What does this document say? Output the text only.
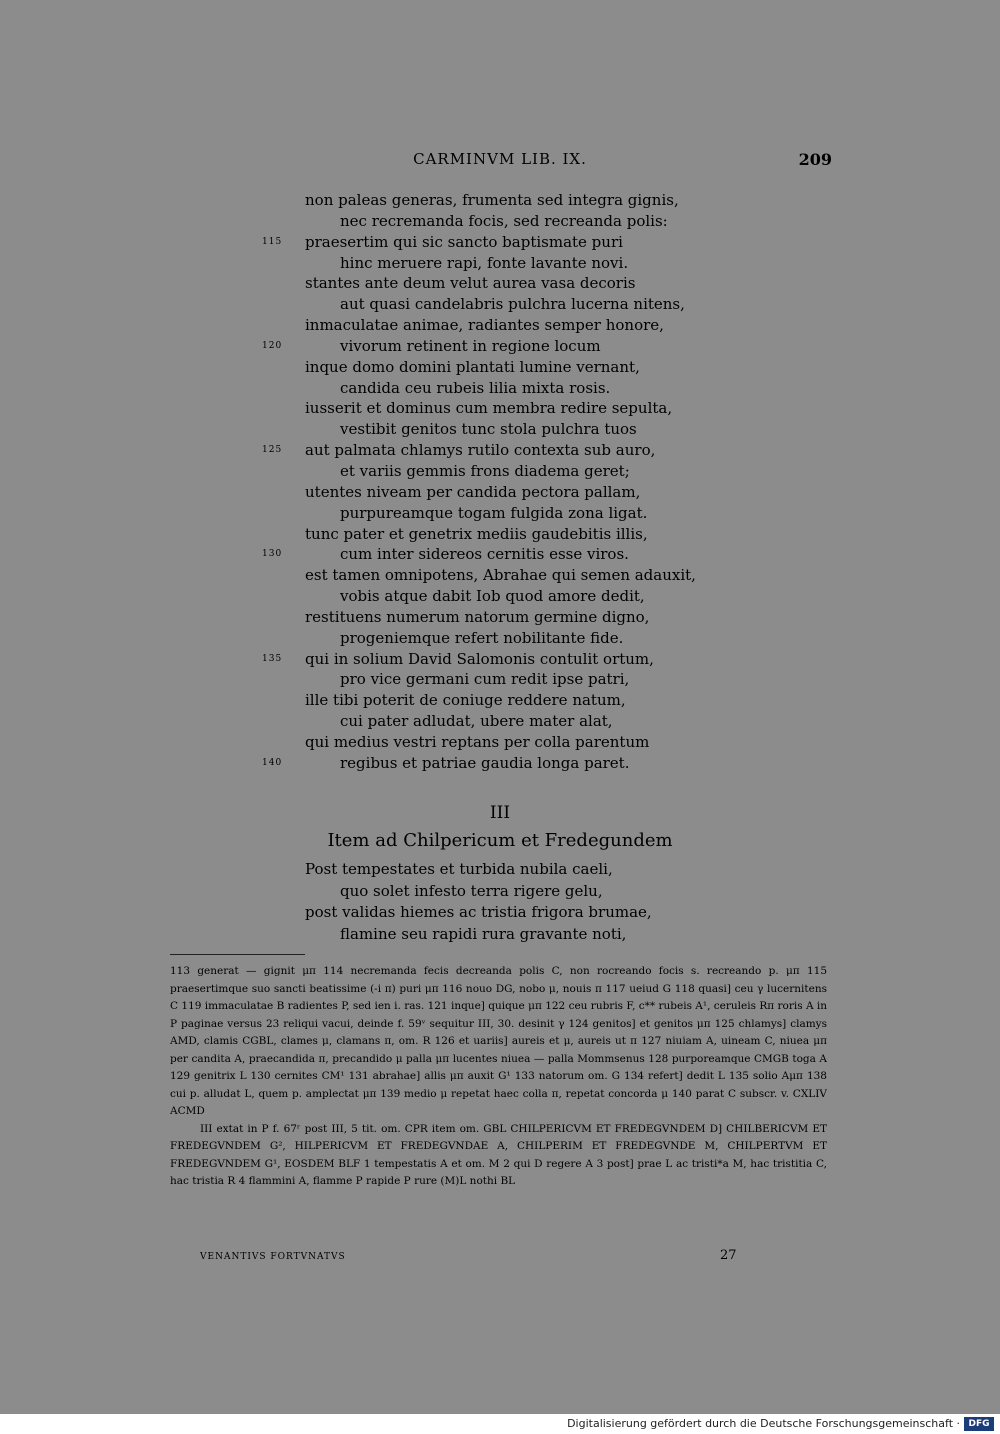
CARMINVM LIB. IX.	209
non paleas generas, frumenta sed integra gignis,
nec recremanda focis, sed recreanda polis:
115 praesertim qui sic sancto baptismate puri
hinc meruere rapi, fonte lavante novi.
stantes ante deum velut aurea vasa decoris
aut quasi candelabris pulchra lucerna nitens,
inmaculatae animae, radiantes semper honore,
120	vivorum retinent in regione locum
inque domo domini plantati lumine vernant,
candida ceu rubeis lilia mixta rosis.
iusserit et dominus cum membra redire sepulta,
vestibit genitos tunc stola pulchra tuos
125 aut palmata chlamys rutilo contexta sub auro,
et variis gemmis frons diadema geret;
utentes niveam per candida pectora pallam,
purpureamque togam fulgida zona ligat.
tunc pater et genetrix mediis gaudebitis illis,
130	cum inter sidereos cernitis esse viros.
est tamen omnipotens, Abrahae qui semen adauxit,
vobis atque dabit Iob quod amore dedit,
restituens numerum natorum germine digno,
progeniemque refert nobilitante fide.
135 qui in solium David Salomonis contulit ortum,
pro vice germani cum redit ipse patri,
ille tibi poterit de coniuge reddere natum,
cui pater adludat, ubere mater alat,
qui medius vestri reptans per colla parentum
140	regibus et patriae gaudia longa paret.
III
Item ad Chilpericum et Fredegundem
Post tempestates et turbida nubila caeli,
quo solet infesto terra rigere gelu,
post validas hiemes ac tristia frigora brumae,
flamine seu rapidi rura gravante noti,

113 generat — gignit μπ 114 necremanda fecis decreanda polis C, non rocreando focis s. recreando p. μπ 115 praesertimque suo sancti beatissime (-i π) puri μπ 116 nouo DG, nobo μ, nouis π 117 ueiud G 118 quasi] ceu γ lucernitens C 119 immaculatae B radientes P, sed ien i. ras. 121 inque] quique μπ 122 ceu rubris F, c** rubeis A¹, ceruleis Rπ roris A in P paginae versus 23 reliqui vacui, deinde f. 59ᵛ sequitur III, 30. desinit γ 124 genitos] et genitos μπ 125 chlamys] clamys AMD, clamis CGBL, clames μ, clamans π, om. R 126 et uariis] aureis et μ, aureis ut π 127 niuiam A, uineam C, niuea μπ per candita A, praecandida π, precandido μ palla μπ lucentes niuea — palla Mommsenus 128 purporeamque CMGB toga A 129 genitrix L 130 cernites CM¹ 131 abrahae] allis μπ auxit G¹ 133 natorum om. G 134 refert] dedit L 135 solio Aμπ 138 cui p. alludat L, quem p. amplectat μπ 139 medio μ repetat haec colla π, repetat concorda μ 140 parat C subscr. v. CXLIV ACMD

III extat in P f. 67ʳ post III, 5 tit. om. CPR item om. GBL CHILPERICVM ET FREDEGVNDEM D] CHILBERICVM ET FREDEGVNDEM G², HILPERICVM ET FREDEGVNDAE A, CHILPERIM ET FREDEGVNDE M, CHILPERTVM ET FREDEGVNDEM G¹, EOSDEM BLF 1 tempestatis A et om. M 2 qui D regere A 3 post] prae L ac tristi*a M, hac tristitia C, hac tristia R 4 flammini A, flamme P rapide P rure (M)L nothi BL

VENANTIVS FORTVNATVS	27
Digitalisierung gefördert durch die Deutsche Forschungsgemeinschaft · DFG
